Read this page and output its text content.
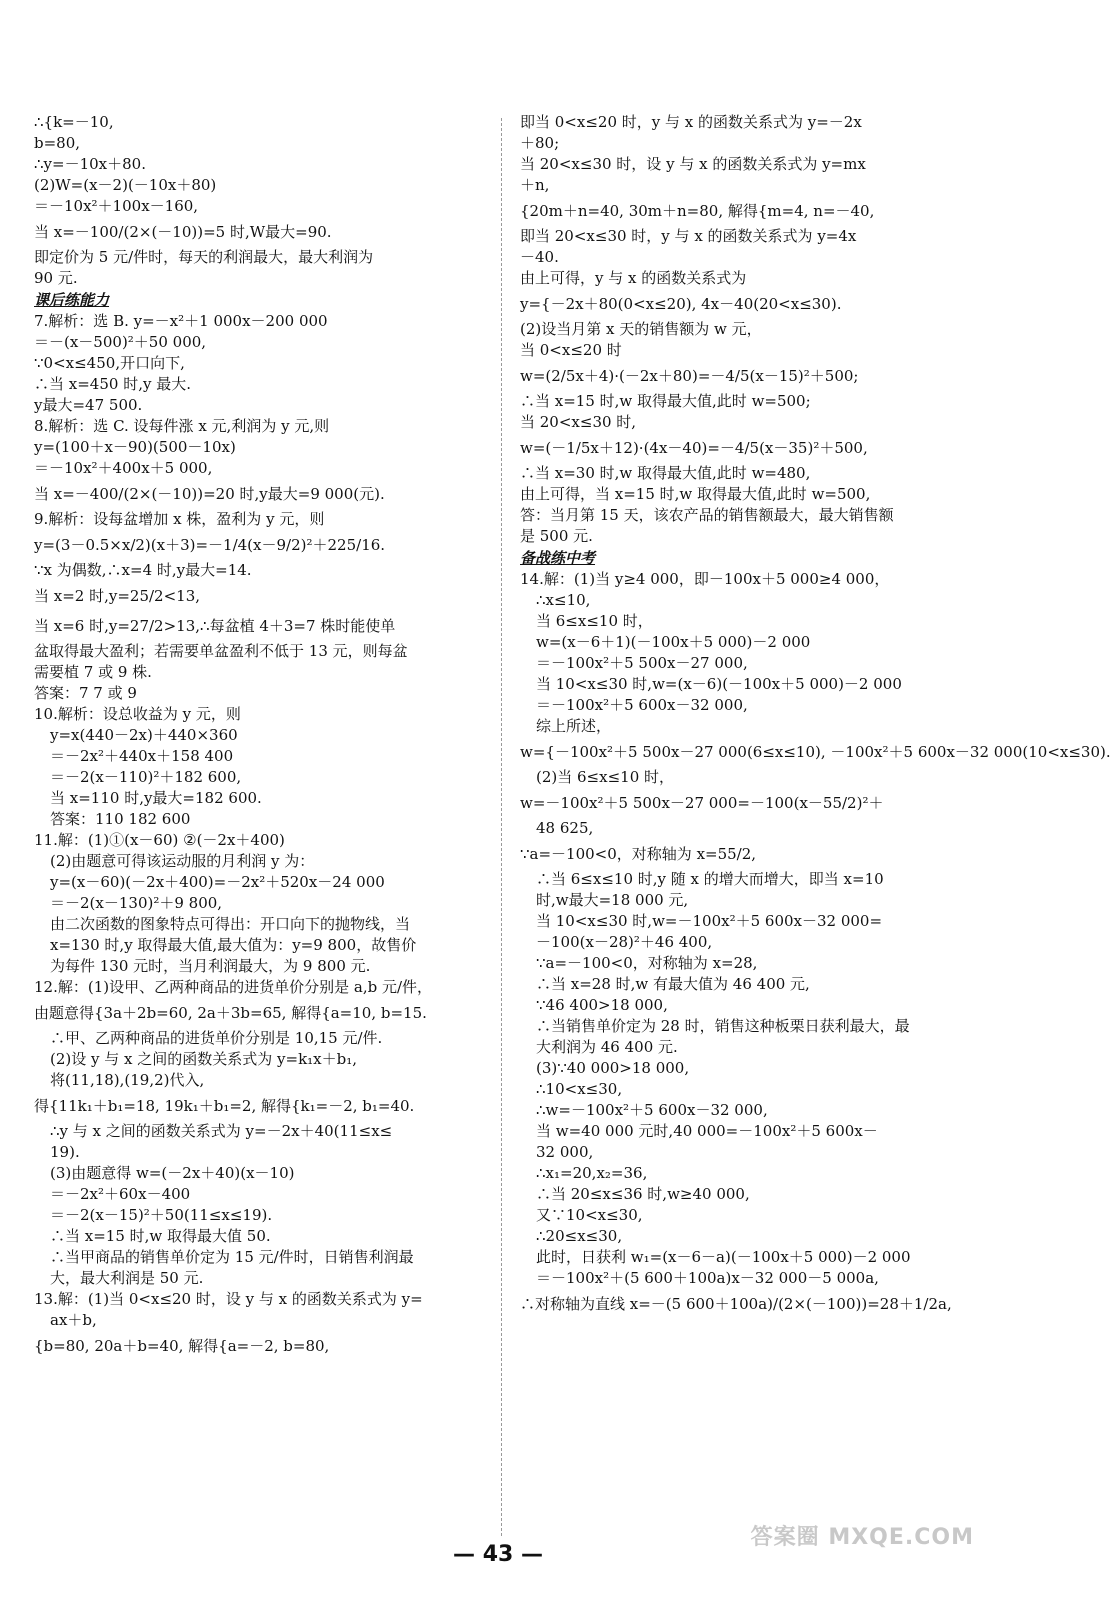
∴{k=－10,
b=80,
∴y=－10x＋80.
(2)W=(x－2)(－10x＋80)
＝－10x²＋100x－160,
当 x=－100/(2×(－10))=5 时,W最大=90.
即定价为 5 元/件时，每天的利润最大，最大利润为
90 元.
课后练能力
7.解析：选 B. y=－x²＋1 000x－200 000
＝－(x－500)²＋50 000,
∵0<x≤450,开口向下,
∴当 x=450 时,y 最大.
y最大=47 500.
8.解析：选 C. 设每件涨 x 元,利润为 y 元,则
y=(100＋x－90)(500－10x)
＝－10x²＋400x＋5 000,
当 x=－400/(2×(－10))=20 时,y最大=9 000(元).
9.解析：设每盆增加 x 株，盈利为 y 元，则
y=(3－0.5×x/2)(x＋3)=－1/4(x－9/2)²＋225/16.
∵x 为偶数,∴x=4 时,y最大=14.
当 x=2 时,y=25/2<13,
当 x=6 时,y=27/2>13,∴每盆植 4＋3=7 株时能使单
盆取得最大盈利；若需要单盆盈利不低于 13 元，则每盆
需要植 7 或 9 株.
答案：7 7 或 9
10.解析：设总收益为 y 元，则
y=x(440－2x)＋440×360
＝－2x²＋440x＋158 400
＝－2(x－110)²＋182 600,
当 x=110 时,y最大=182 600.
答案：110 182 600
11.解：(1)①(x－60) ②(－2x＋400)
(2)由题意可得该运动服的月利润 y 为：
y=(x－60)(－2x＋400)=－2x²＋520x－24 000
＝－2(x－130)²＋9 800,
由二次函数的图象特点可得出：开口向下的抛物线，当
x=130 时,y 取得最大值,最大值为：y=9 800，故售价
为每件 130 元时，当月利润最大，为 9 800 元.
12.解：(1)设甲、乙两种商品的进货单价分别是 a,b 元/件，
由题意得{3a＋2b=60, 2a＋3b=65, 解得{a=10, b=15.
∴甲、乙两种商品的进货单价分别是 10,15 元/件.
(2)设 y 与 x 之间的函数关系式为 y=k₁x＋b₁,
将(11,18),(19,2)代入,
得{11k₁＋b₁=18, 19k₁＋b₁=2, 解得{k₁=－2, b₁=40.
∴y 与 x 之间的函数关系式为 y=－2x＋40(11≤x≤
19).
(3)由题意得 w=(－2x＋40)(x－10)
＝－2x²＋60x－400
＝－2(x－15)²＋50(11≤x≤19).
∴当 x=15 时,w 取得最大值 50.
∴当甲商品的销售单价定为 15 元/件时，日销售利润最
大，最大利润是 50 元.
13.解：(1)当 0<x≤20 时，设 y 与 x 的函数关系式为 y=
ax＋b,
{b=80, 20a＋b=40, 解得{a=－2, b=80,
即当 0<x≤20 时，y 与 x 的函数关系式为 y=－2x
＋80;
当 20<x≤30 时，设 y 与 x 的函数关系式为 y=mx
＋n,
{20m＋n=40, 30m＋n=80, 解得{m=4, n=－40,
即当 20<x≤30 时，y 与 x 的函数关系式为 y=4x
－40.
由上可得，y 与 x 的函数关系式为
y={－2x＋80(0<x≤20), 4x－40(20<x≤30).
(2)设当月第 x 天的销售额为 w 元，
当 0<x≤20 时
w=(2/5x＋4)·(－2x＋80)=－4/5(x－15)²＋500;
∴当 x=15 时,w 取得最大值,此时 w=500;
当 20<x≤30 时,
w=(－1/5x＋12)·(4x－40)=－4/5(x－35)²＋500,
∴当 x=30 时,w 取得最大值,此时 w=480,
由上可得，当 x=15 时,w 取得最大值,此时 w=500,
答：当月第 15 天，该农产品的销售额最大，最大销售额
是 500 元.
备战练中考
14.解：(1)当 y≥4 000，即－100x＋5 000≥4 000，
∴x≤10,
当 6≤x≤10 时，
w=(x－6＋1)(－100x＋5 000)－2 000
＝－100x²＋5 500x－27 000,
当 10<x≤30 时,w=(x－6)(－100x＋5 000)－2 000
＝－100x²＋5 600x－32 000,
综上所述，
w={－100x²＋5 500x－27 000(6≤x≤10), －100x²＋5 600x－32 000(10<x≤30).
(2)当 6≤x≤10 时，
w=－100x²＋5 500x－27 000=－100(x－55/2)²＋
48 625,
∵a=－100<0，对称轴为 x=55/2,
∴当 6≤x≤10 时,y 随 x 的增大而增大，即当 x=10
时,w最大=18 000 元,
当 10<x≤30 时,w=－100x²＋5 600x－32 000=
－100(x－28)²＋46 400,
∵a=－100<0，对称轴为 x=28,
∴当 x=28 时,w 有最大值为 46 400 元,
∵46 400>18 000,
∴当销售单价定为 28 时，销售这种板栗日获利最大，最
大利润为 46 400 元.
(3)∵40 000>18 000,
∴10<x≤30,
∴w=－100x²＋5 600x－32 000,
当 w=40 000 元时,40 000=－100x²＋5 600x－
32 000,
∴x₁=20,x₂=36,
∴当 20≤x≤36 时,w≥40 000,
又∵10<x≤30,
∴20≤x≤30,
此时，日获利 w₁=(x－6－a)(－100x＋5 000)－2 000
＝－100x²＋(5 600＋100a)x－32 000－5 000a,
∴对称轴为直线 x=－(5 600＋100a)/(2×(－100))=28＋1/2a,
— 43 —
答案圈 MXQE.COM
